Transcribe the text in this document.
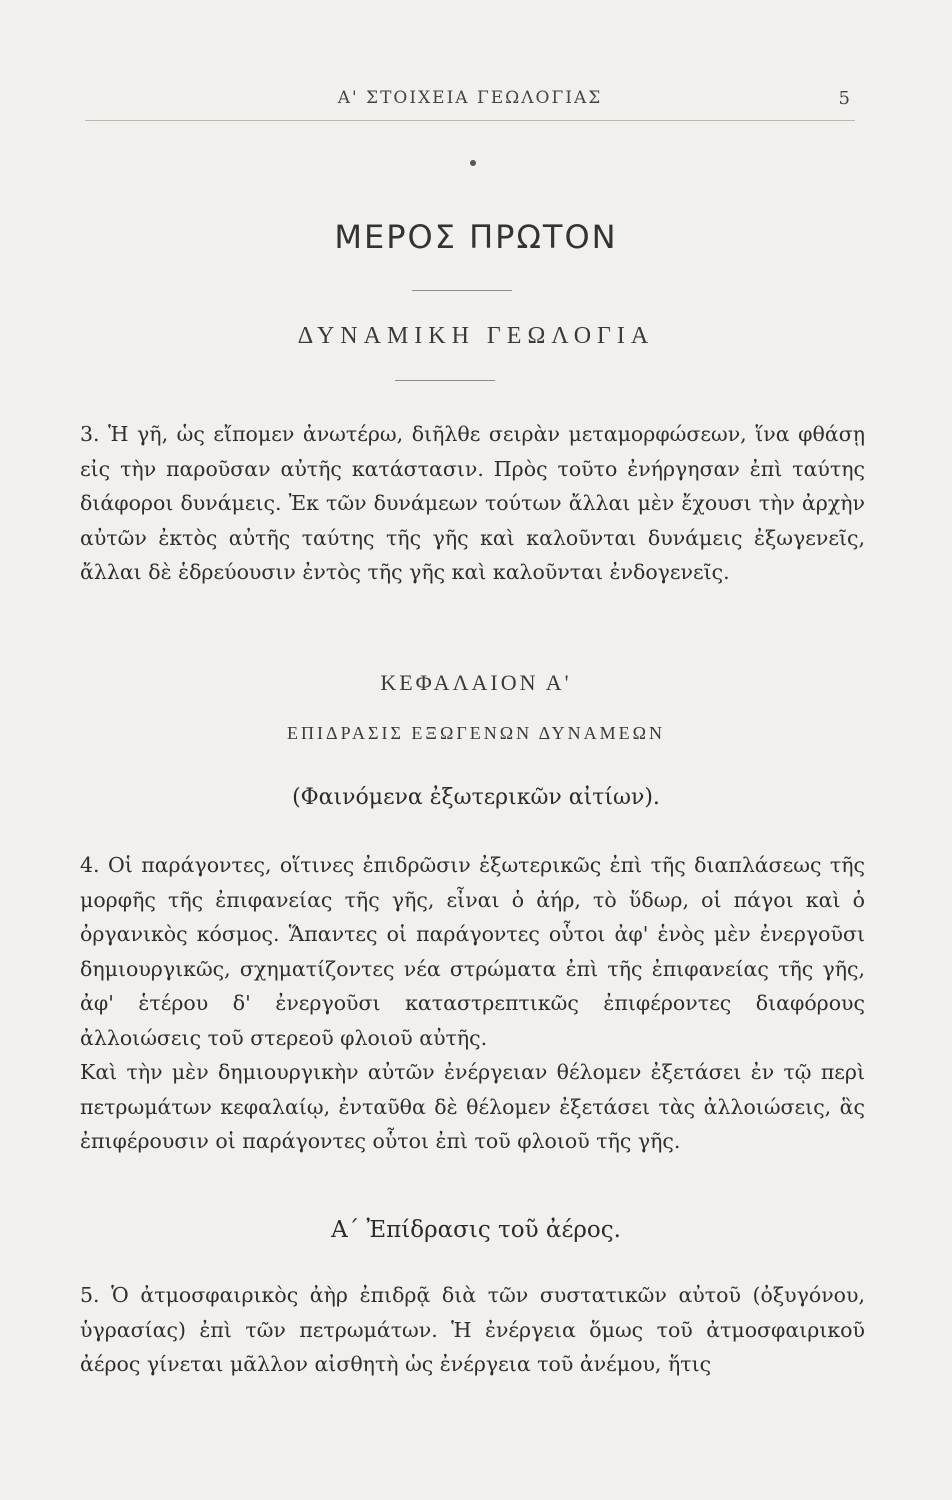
Α' ΣΤΟΙΧΕΙΑ ΓΕΩΛΟΓΙΑΣ	5
ΜΕΡΟΣ ΠΡΩΤΟΝ
ΔΥΝΑΜΙΚΗ ΓΕΩΛΟΓΙΑ

3. Ἡ γῆ, ὡς εἴπομεν ἀνωτέρω, διῆλθε σειρὰν μεταμορφώσεων, ἵνα φθάσῃ εἰς τὴν παροῦσαν αὐτῆς κατάστασιν. Πρὸς τοῦτο ἐνήργησαν ἐπὶ ταύτης διάφοροι δυνάμεις. Ἐκ τῶν δυνάμεων τούτων ἄλλαι μὲν ἔχουσι τὴν ἀρχὴν αὐτῶν ἐκτὸς αὐτῆς ταύτης τῆς γῆς καὶ καλοῦνται δυνάμεις ἐξωγενεῖς, ἄλλαι δὲ ἑδρεύουσιν ἐντὸς τῆς γῆς καὶ καλοῦνται ἐνδογενεῖς.

ΚΕΦΑΛΑΙΟΝ Α'
ΕΠΙΔΡΑΣΙΣ ΕΞΩΓΕΝΩΝ ΔΥΝΑΜΕΩΝ
(Φαινόμενα ἐξωτερικῶν αἰτίων).

4. Οἱ παράγοντες, οἵτινες ἐπιδρῶσιν ἐξωτερικῶς ἐπὶ τῆς διαπλάσεως τῆς μορφῆς τῆς ἐπιφανείας τῆς γῆς, εἶναι ὁ ἀήρ, τὸ ὕδωρ, οἱ πάγοι καὶ ὁ ὀργανικὸς κόσμος. Ἅπαντες οἱ παράγοντες οὗτοι ἀφ' ἑνὸς μὲν ἐνεργοῦσι δημιουργικῶς, σχηματίζοντες νέα στρώματα ἐπὶ τῆς ἐπιφανείας τῆς γῆς, ἀφ' ἑτέρου δ' ἐνεργοῦσι καταστρεπτικῶς ἐπιφέροντες διαφόρους ἀλλοιώσεις τοῦ στερεοῦ φλοιοῦ αὐτῆς.

Καὶ τὴν μὲν δημιουργικὴν αὐτῶν ἐνέργειαν θέλομεν ἐξετάσει ἐν τῷ περὶ πετρωμάτων κεφαλαίῳ, ἐνταῦθα δὲ θέλομεν ἐξετάσει τὰς ἀλλοιώσεις, ἃς ἐπιφέρουσιν οἱ παράγοντες οὗτοι ἐπὶ τοῦ φλοιοῦ τῆς γῆς.

Α΄ Ἐπίδρασις τοῦ ἀέρος.

5. Ὁ ἀτμοσφαιρικὸς ἀὴρ ἐπιδρᾷ διὰ τῶν συστατικῶν αὐτοῦ (ὀξυγόνου, ὑγρασίας) ἐπὶ τῶν πετρωμάτων. Ἡ ἐνέργεια ὅμως τοῦ ἀτμοσφαιρικοῦ ἀέρος γίνεται μᾶλλον αἰσθητὴ ὡς ἐνέργεια τοῦ ἀνέμου, ἥτις
